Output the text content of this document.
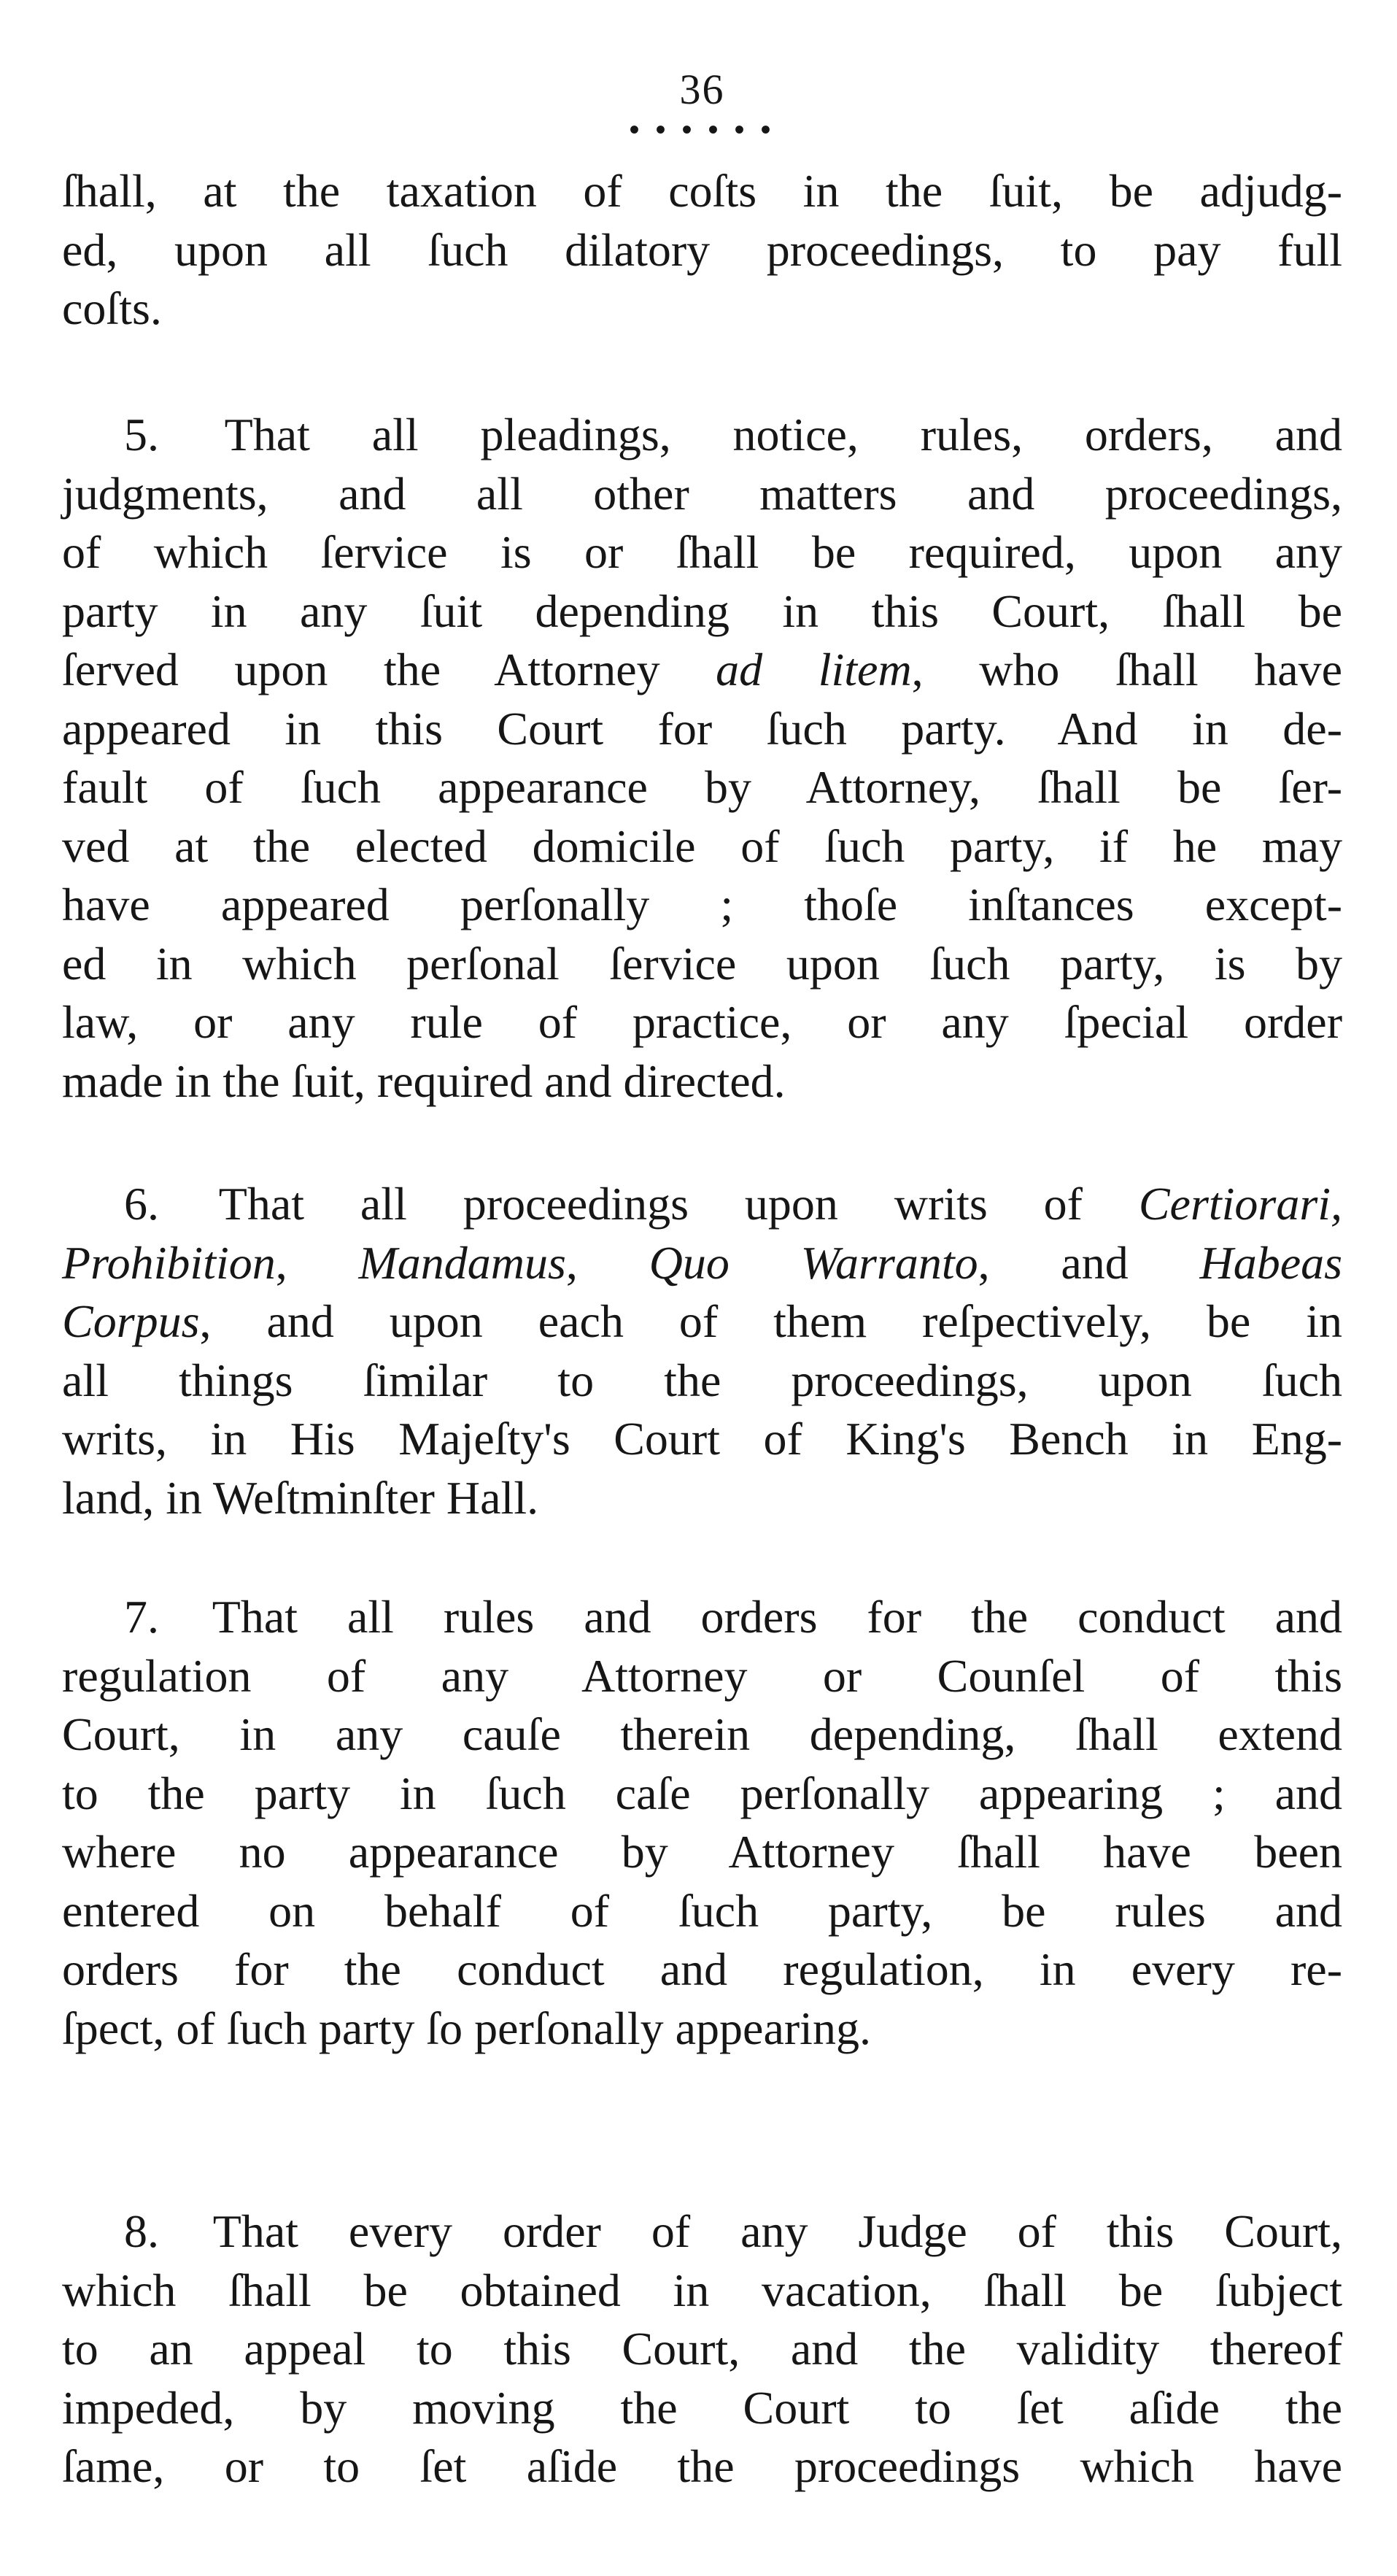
36
• • • • • •
ſhall, at the taxation of coſts in the ſuit, be adjudg-
ed, upon all ſuch dilatory proceedings, to pay full
coſts.
5. That all pleadings, notice, rules, orders, and
judgments, and all other matters and proceedings,
of which ſervice is or ſhall be required, upon any
party in any ſuit depending in this Court, ſhall be
ſerved upon the Attorney ad litem, who ſhall have
appeared in this Court for ſuch party. And in de-
fault of ſuch appearance by Attorney, ſhall be ſer-
ved at the elected domicile of ſuch party, if he may
have appeared perſonally ; thoſe inſtances except-
ed in which perſonal ſervice upon ſuch party, is by
law, or any rule of practice, or any ſpecial order
made in the ſuit, required and directed.
6. That all proceedings upon writs of Certiorari,
Prohibition, Mandamus, Quo Warranto, and Habeas
Corpus, and upon each of them reſpectively, be in
all things ſimilar to the proceedings, upon ſuch
writs, in His Majeſty's Court of King's Bench in Eng-
land, in Weſtminſter Hall.
7. That all rules and orders for the conduct and
regulation of any Attorney or Counſel of this
Court, in any cauſe therein depending, ſhall extend
to the party in ſuch caſe perſonally appearing ; and
where no appearance by Attorney ſhall have been
entered on behalf of ſuch party, be rules and
orders for the conduct and regulation, in every re-
ſpect, of ſuch party ſo perſonally appearing.
8. That every order of any Judge of this Court,
which ſhall be obtained in vacation, ſhall be ſubject
to an appeal to this Court, and the validity thereof
impeded, by moving the Court to ſet aſide the
ſame, or to ſet aſide the proceedings which have
